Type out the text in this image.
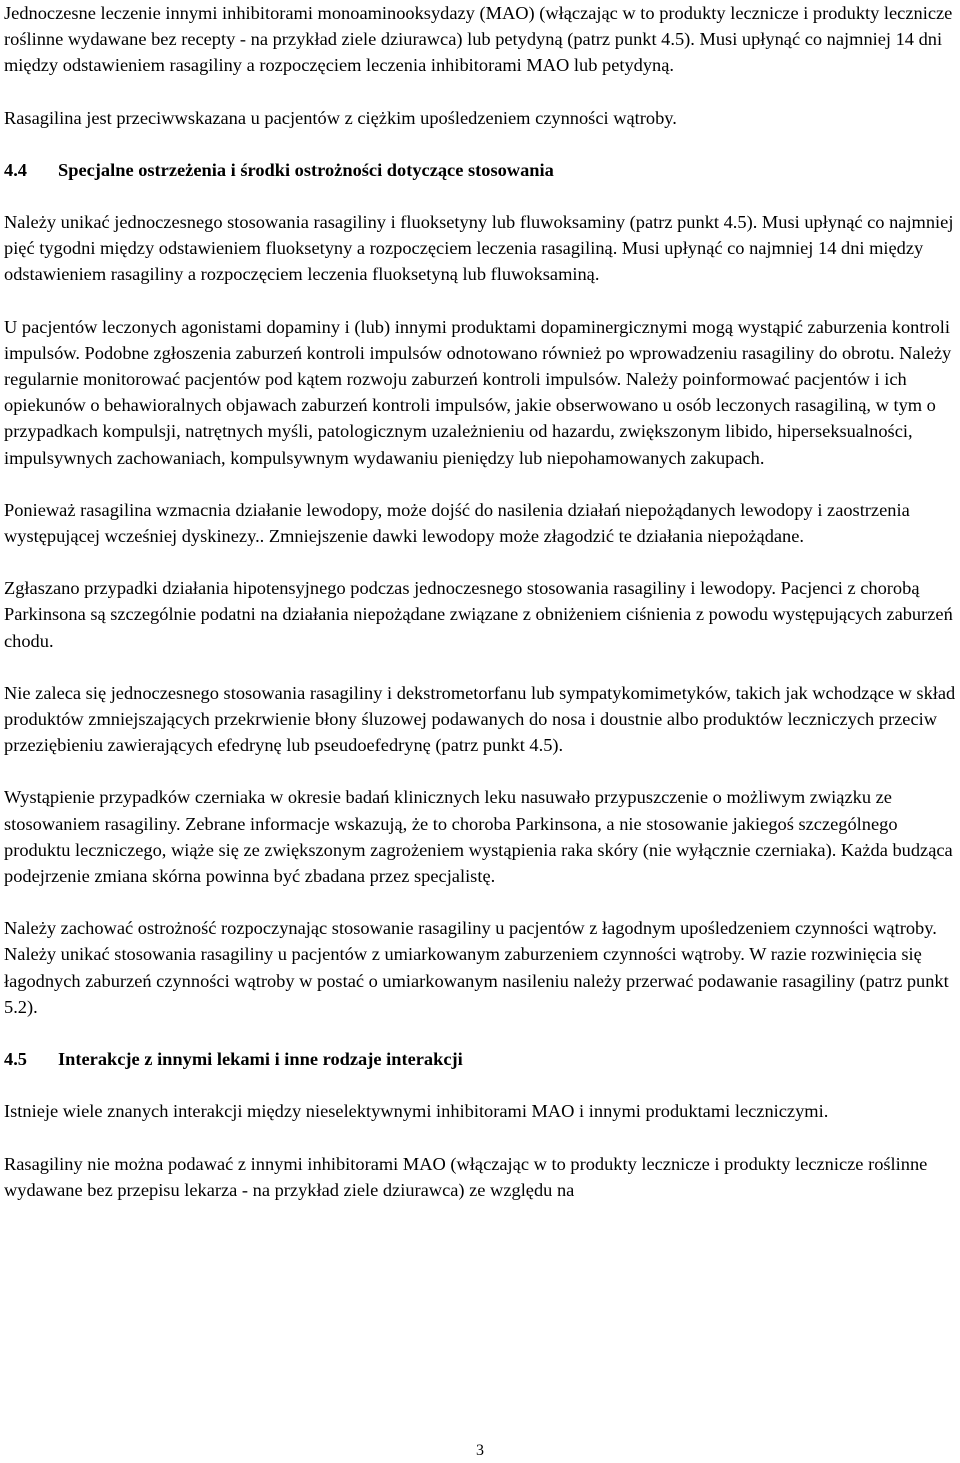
Jednoczesne leczenie innymi inhibitorami monoaminooksydazy (MAO) (włączając w to produkty lecznicze i produkty lecznicze roślinne wydawane bez recepty - na przykład ziele dziurawca) lub petydyną (patrz punkt 4.5). Musi upłynąć co najmniej 14 dni między odstawieniem rasagiliny a rozpoczęciem leczenia inhibitorami MAO lub petydyną.

Rasagilina jest przeciwwskazana u pacjentów z ciężkim upośledzeniem czynności wątroby.

4.4	Specjalne ostrzeżenia i środki ostrożności dotyczące stosowania

Należy unikać jednoczesnego stosowania rasagiliny i fluoksetyny lub fluwoksaminy (patrz punkt 4.5). Musi upłynąć co najmniej pięć tygodni między odstawieniem fluoksetyny a rozpoczęciem leczenia rasagiliną. Musi upłynąć co najmniej 14 dni między odstawieniem rasagiliny a rozpoczęciem leczenia fluoksetyną lub fluwoksaminą.

U pacjentów leczonych agonistami dopaminy i (lub) innymi produktami dopaminergicznymi mogą wystąpić zaburzenia kontroli impulsów. Podobne zgłoszenia zaburzeń kontroli impulsów odnotowano również po wprowadzeniu rasagiliny do obrotu. Należy regularnie monitorować pacjentów pod kątem rozwoju zaburzeń kontroli impulsów. Należy poinformować pacjentów i ich opiekunów o behawioralnych objawach zaburzeń kontroli impulsów, jakie obserwowano u osób leczonych rasagiliną, w tym o przypadkach kompulsji, natrętnych myśli, patologicznym uzależnieniu od hazardu, zwiększonym libido, hiperseksualności, impulsywnych zachowaniach, kompulsywnym wydawaniu pieniędzy lub niepohamowanych zakupach.

Ponieważ rasagilina wzmacnia działanie lewodopy, może dojść do nasilenia działań niepożądanych lewodopy i zaostrzenia występującej wcześniej dyskinezy.. Zmniejszenie dawki lewodopy może złagodzić te działania niepożądane.

Zgłaszano przypadki działania hipotensyjnego podczas jednoczesnego stosowania rasagiliny i lewodopy. Pacjenci z chorobą Parkinsona są szczególnie podatni na działania niepożądane związane z obniżeniem ciśnienia z powodu występujących zaburzeń chodu.

Nie zaleca się jednoczesnego stosowania rasagiliny i dekstrometorfanu lub sympatykomimetyków, takich jak wchodzące w skład produktów zmniejszających przekrwienie błony śluzowej podawanych do nosa i doustnie albo produktów leczniczych przeciw przeziębieniu zawierających efedrynę lub pseudoefedrynę (patrz punkt 4.5).

Wystąpienie przypadków czerniaka w okresie badań klinicznych leku nasuwało przypuszczenie o możliwym związku ze stosowaniem rasagiliny. Zebrane informacje wskazują, że to choroba Parkinsona, a nie stosowanie jakiegoś szczególnego produktu leczniczego, wiąże się ze zwiększonym zagrożeniem wystąpienia raka skóry (nie wyłącznie czerniaka). Każda budząca podejrzenie zmiana skórna powinna być zbadana przez specjalistę.

Należy zachować ostrożność rozpoczynając stosowanie rasagiliny u pacjentów z łagodnym upośledzeniem czynności wątroby. Należy unikać stosowania rasagiliny u pacjentów z umiarkowanym zaburzeniem czynności wątroby. W razie rozwinięcia się łagodnych zaburzeń czynności wątroby w postać o umiarkowanym nasileniu należy przerwać podawanie rasagiliny (patrz punkt 5.2).

4.5	Interakcje z innymi lekami i inne rodzaje interakcji

Istnieje wiele znanych interakcji między nieselektywnymi inhibitorami MAO i innymi produktami leczniczymi.

Rasagiliny nie można podawać z innymi inhibitorami MAO (włączając w to produkty lecznicze i produkty lecznicze roślinne wydawane bez przepisu lekarza - na przykład ziele dziurawca) ze względu na

3
